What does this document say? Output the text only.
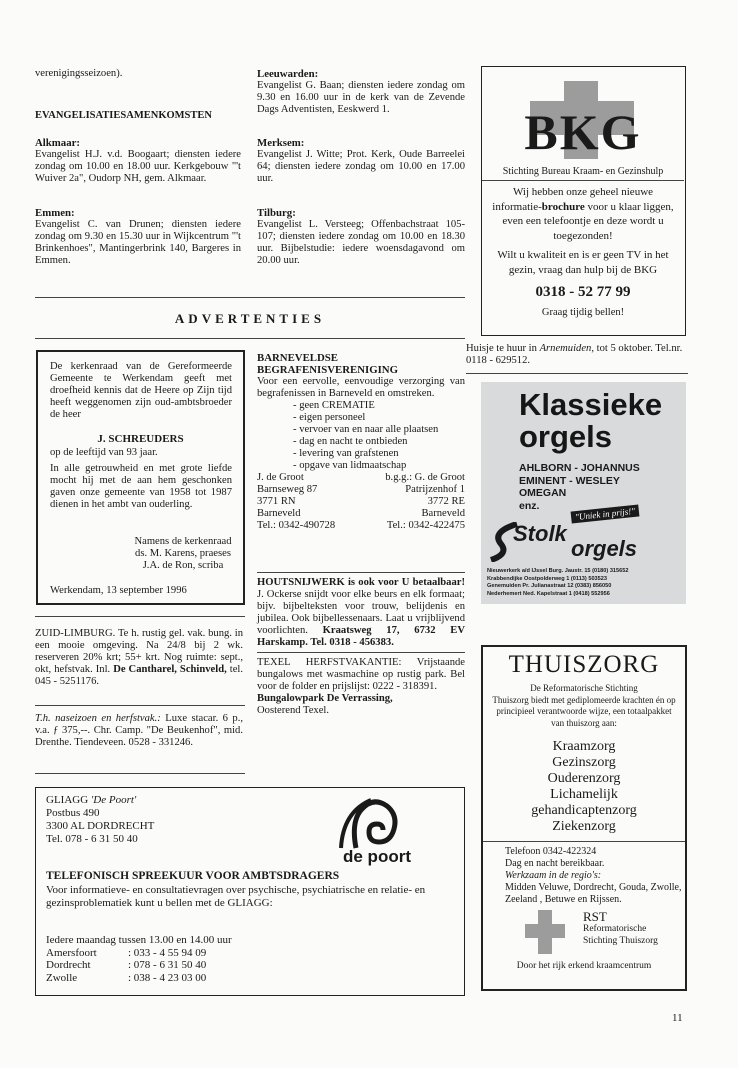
verenigingsseizoen).

EVANGELISATIESAMENKOMSTEN
Alkmaar:

Evangelist H.J. v.d. Boogaart; diensten iedere zondag om 10.00 en 18.00 uur. Kerkgebouw "'t Wuiver 2a", Oudorp NH, gem. Alkmaar.

Emmen:

Evangelist C. van Drunen; diensten iedere zondag om 9.30 en 15.30 uur in Wijkcentrum "'t Brinkenhoes", Mantingerbrink 140, Bargeres in Emmen.

Leeuwarden:

Evangelist G. Baan; diensten iedere zondag om 9.30 en 16.00 uur in de kerk van de Zevende Dags Adventisten, Eeskwerd 1.

Merksem:

Evangelist J. Witte; Prot. Kerk, Oude Barreelei 64; diensten iedere zondag om 10.00 en 17.00 uur.

Tilburg:

Evangelist L. Versteeg; Offenbachstraat 105-107; diensten iedere zondag om 10.00 en 18.30 uur. Bijbelstudie: iedere woensdagavond om 20.00 uur.

BKG
Stichting Bureau Kraam- en Gezinshulp
Wij hebben onze geheel nieuwe informatie-brochure voor u klaar liggen, even een telefoontje en deze wordt u toegezonden!
Wilt u kwaliteit en is er geen TV in het gezin, vraag dan hulp bij de BKG
0318 - 52 77 99
Graag tijdig bellen!
Huisje te huur in Arnemuiden, tot 5 oktober. Tel.nr. 0118 - 629512.
ADVERTENTIES
De kerkenraad van de Gereformeerde Gemeente te Werkendam geeft met droefheid kennis dat de Heere op Zijn tijd heeft weggenomen zijn oud-ambtsbroeder de heer
J. SCHREUDERS
op de leeftijd van 93 jaar.
In alle getrouwheid en met grote liefde mocht hij met de aan hem geschonken gaven onze gemeente van 1958 tot 1987 dienen in het ambt van ouderling.
Namens de kerkenraad
ds. M. Karens, praeses
J.A. de Ron, scriba
Werkendam, 13 september 1996
ZUID-LIMBURG. Te h. rustig gel. vak. bung. in een mooie omgeving. Na 24/8 bij 2 wk. reserveren 20% krt; 55+ krt. Nog ruimte: sept., okt, hefstvak. Inl. De Cantharel, Schinveld, tel. 045 - 5251176.
T.h. naseizoen en herfstvak.: Luxe stacar. 6 p., v.a. ƒ 375,--. Chr. Camp. "De Beukenhof", mid. Drenthe. Tiendeveen. 0528 - 331246.
BARNEVELDSE
BEGRAFENISVERENIGING

Voor een eervolle, eenvoudige verzorging van begrafenissen in Barneveld en omstreken.

- geen CREMATIE
- eigen personeel
- vervoer van en naar alle plaatsen
- dag en nacht te ontbieden
- levering van grafstenen
- opgave van lidmaatschap
J. de Groot	b.g.g.: G. de Groot
Barnseweg 87	Patrijzenhof 1
3771 RN	3772 RE
Barneveld	Barneveld
Tel.: 0342-490728	Tel.: 0342-422475
HOUTSNIJWERK is ook voor U betaalbaar! J. Ockerse snijdt voor elke beurs en elk formaat; bijv. bijbelteksten voor trouw, belijdenis en jubilea. Ook bijbellessenaars. Laat u vrijblijvend voorlichten. Kraatsweg 17, 6732 EV Harskamp. Tel. 0318 - 456383.

TEXEL HERFSTVAKANTIE: Vrijstaande bungalows met wasmachine op rustig park. Bel voor de folder en prijslijst: 0222 - 318391.

Bungalowpark De Verrassing,
Oosterend Texel.
GLIAGG 'De Poort'
Postbus 490
3300 AL DORDRECHT
Tel. 078 - 6 31 50 40
de poort
TELEFONISCH SPREEKUUR VOOR AMBTSDRAGERS
Voor informatieve- en consultatievragen over psychische, psychiatrische en relatie- en gezinsproblematiek kunt u bellen met de GLIAGG:
Iedere maandag tussen 13.00 en 14.00 uur
Amersfoort	: 033 - 4 55 94 09
Dordrecht	: 078 - 6 31 50 40
Zwolle	: 038 - 4 23 03 00
Klassieke
orgels
AHLBORN - JOHANNUS
EMINENT - WESLEY
OMEGAN
enz.
"Uniek in prijs!"
Stolk
orgels
Nieuwerkerk a/d IJssel Burg. Jaustr. 15 (0180) 315652
Krabbendijke Oostpolderweg 1 (0113) 503523
Genemuiden Pr. Julianastraat 12 (0383) 856050
Nederhemert Ned. Kapelstraat 1 (0418) 552956
THUISZORG
De Reformatorische Stichting
Thuiszorg biedt met gediplomeerde krachten én op principieel verantwoorde wijze, een totaalpakket van thuiszorg aan:
Kraamzorg
Gezinszorg
Ouderenzorg
Lichamelijk
gehandicaptenzorg
Ziekenzorg
Telefoon 0342-422324
Dag en nacht bereikbaar.
Werkzaam in de regio's:
Midden Veluwe, Dordrecht, Gouda, Zwolle, Zeeland , Betuwe en Rijssen.
RST
Reformatorische
Stichting Thuiszorg
Door het rijk erkend kraamcentrum
11
